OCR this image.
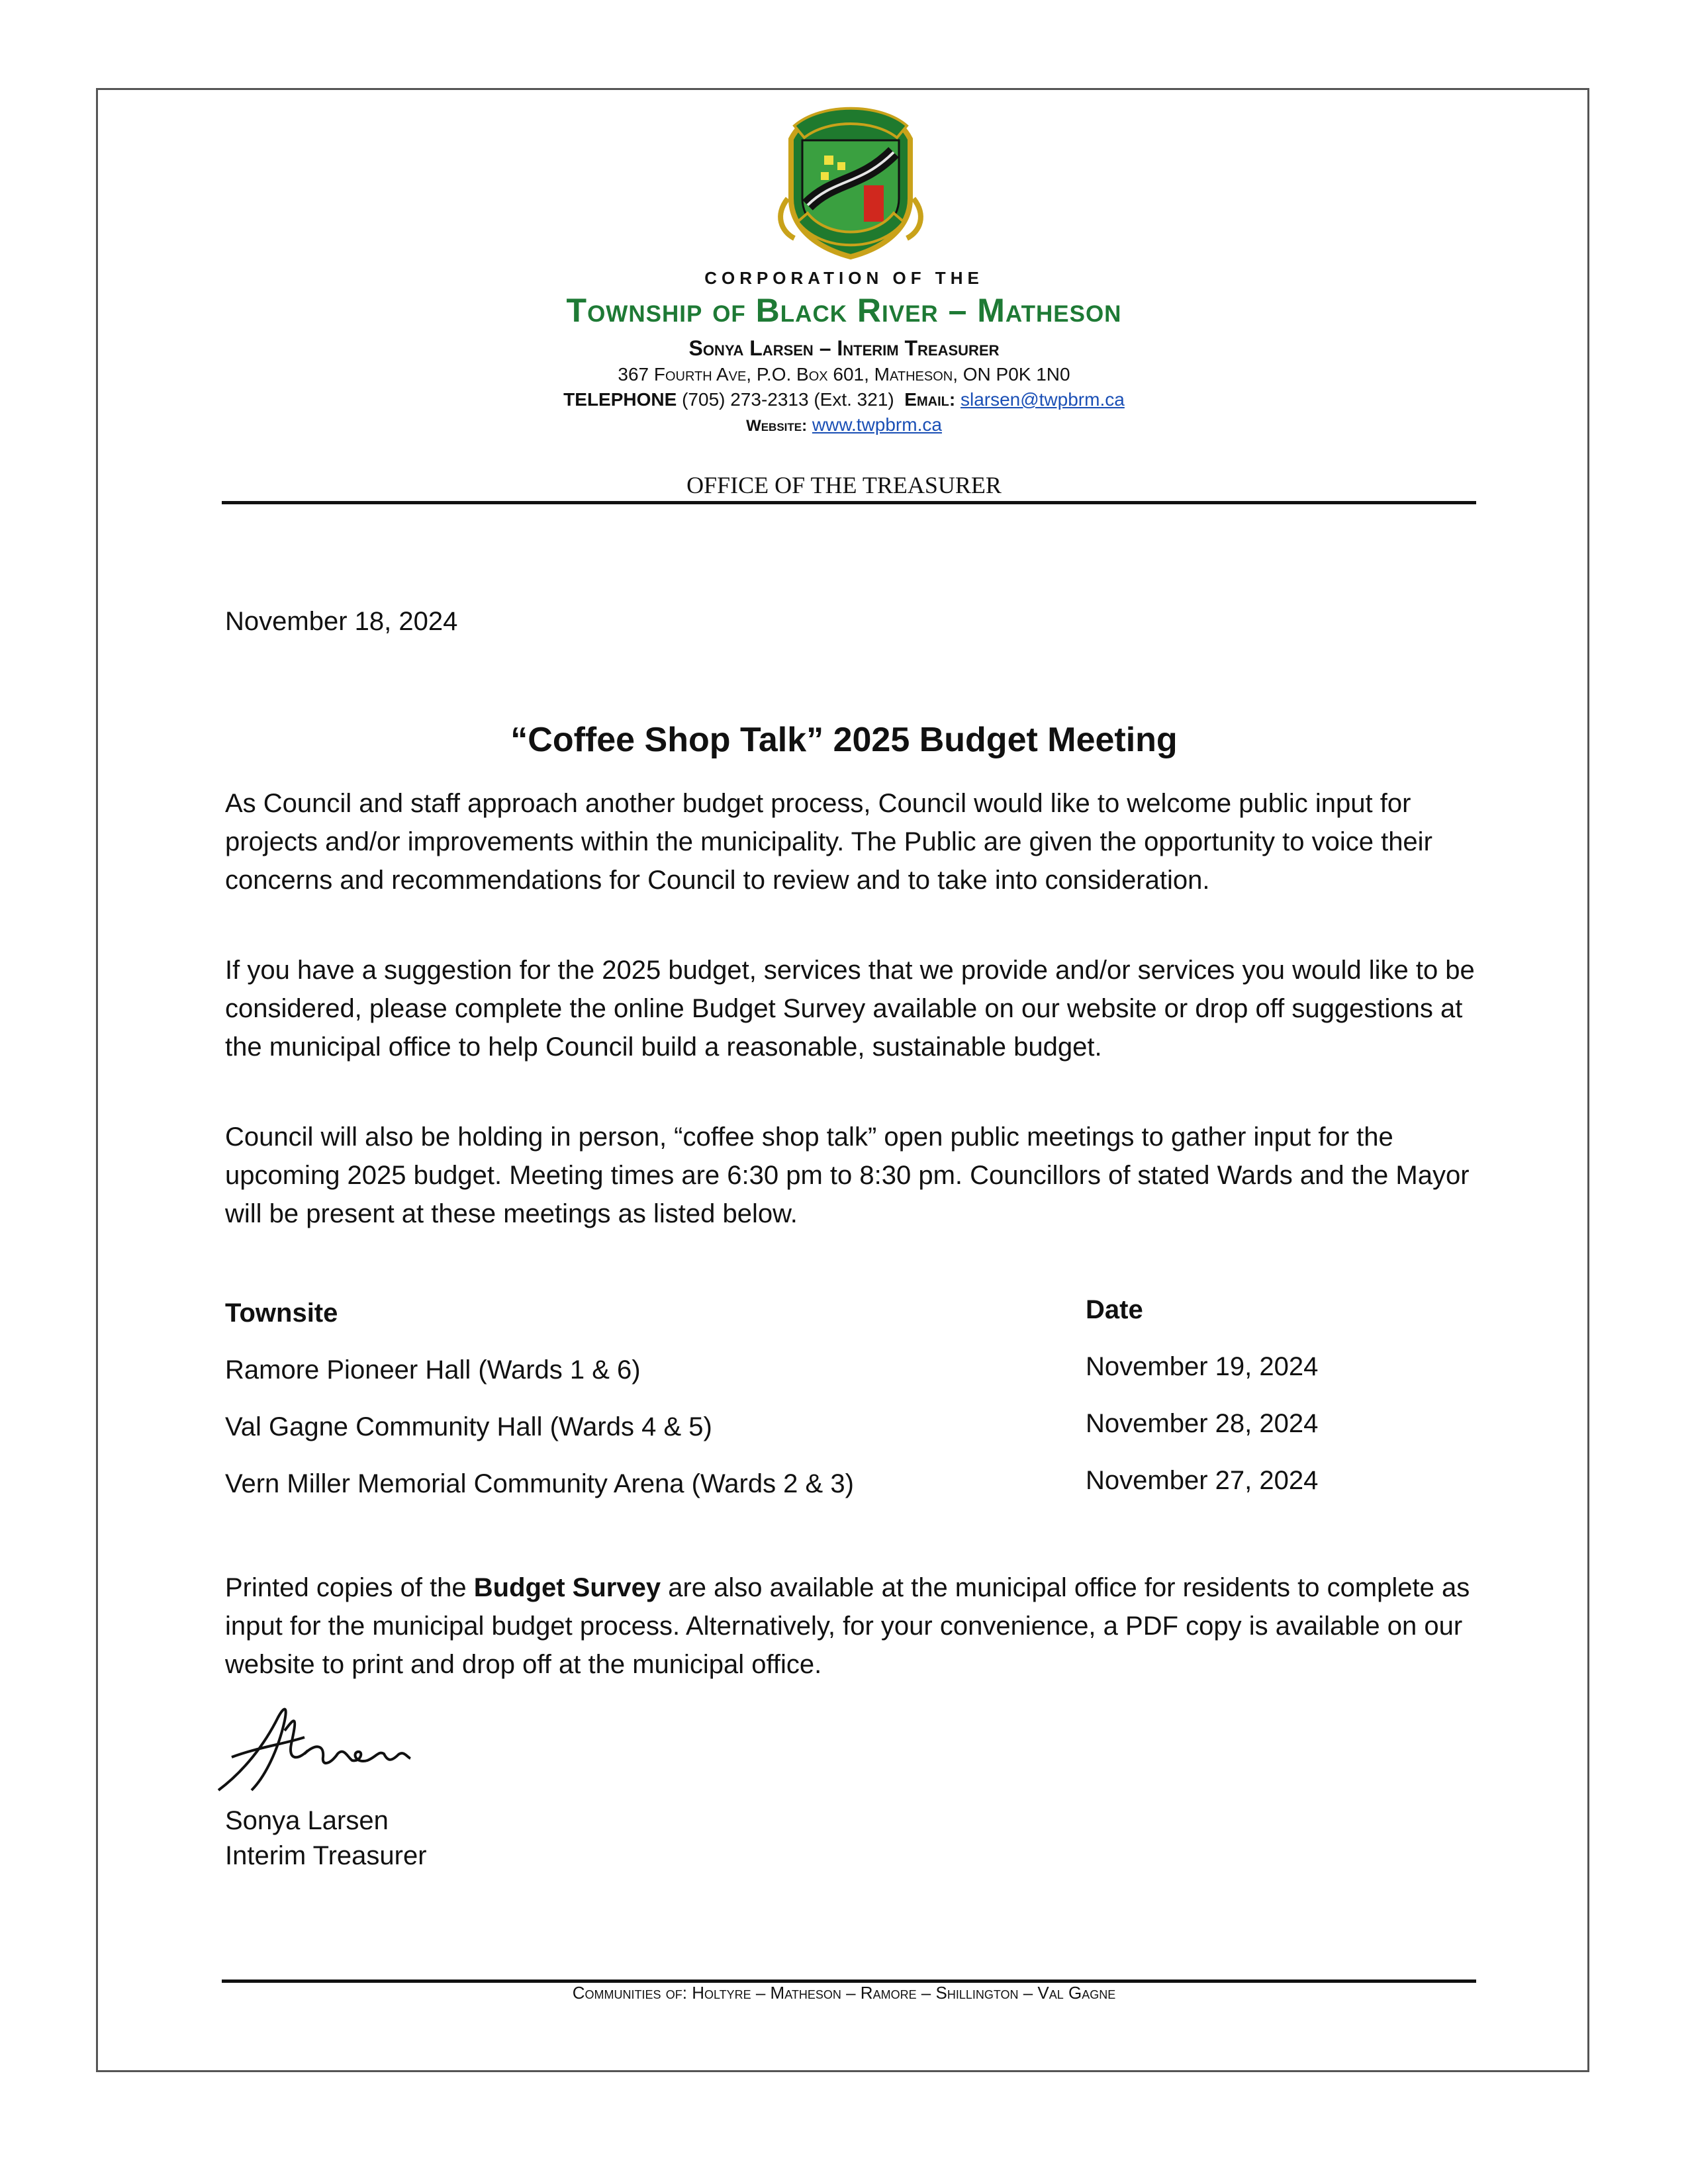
CORPORATION OF THE
Township of Black River – Matheson
Sonya Larsen – Interim Treasurer
367 Fourth Ave, P.O. Box 601, Matheson, ON P0K 1N0
TELEPHONE (705) 273-2313 (Ext. 321) Email: slarsen@twpbrm.ca
Website: www.twpbrm.ca
OFFICE OF THE TREASURER
November 18, 2024
“Coffee Shop Talk” 2025 Budget Meeting
As Council and staff approach another budget process, Council would like to welcome public input for projects and/or improvements within the municipality. The Public are given the opportunity to voice their concerns and recommendations for Council to review and to take into consideration.
If you have a suggestion for the 2025 budget, services that we provide and/or services you would like to be considered, please complete the online Budget Survey available on our website or drop off suggestions at the municipal office to help Council build a reasonable, sustainable budget.
Council will also be holding in person, “coffee shop talk” open public meetings to gather input for the upcoming 2025 budget. Meeting times are 6:30 pm to 8:30 pm. Councillors of stated Wards and the Mayor will be present at these meetings as listed below.
Townsite	Date
Ramore Pioneer Hall (Wards 1 & 6)	November 19, 2024
Val Gagne Community Hall (Wards 4 & 5)	November 28, 2024
Vern Miller Memorial Community Arena (Wards 2 & 3)	November 27, 2024
Printed copies of the Budget Survey are also available at the municipal office for residents to complete as input for the municipal budget process. Alternatively, for your convenience, a PDF copy is available on our website to print and drop off at the municipal office.
Sonya Larsen
Interim Treasurer
Communities of: Holtyre – Matheson – Ramore – Shillington – Val Gagne
